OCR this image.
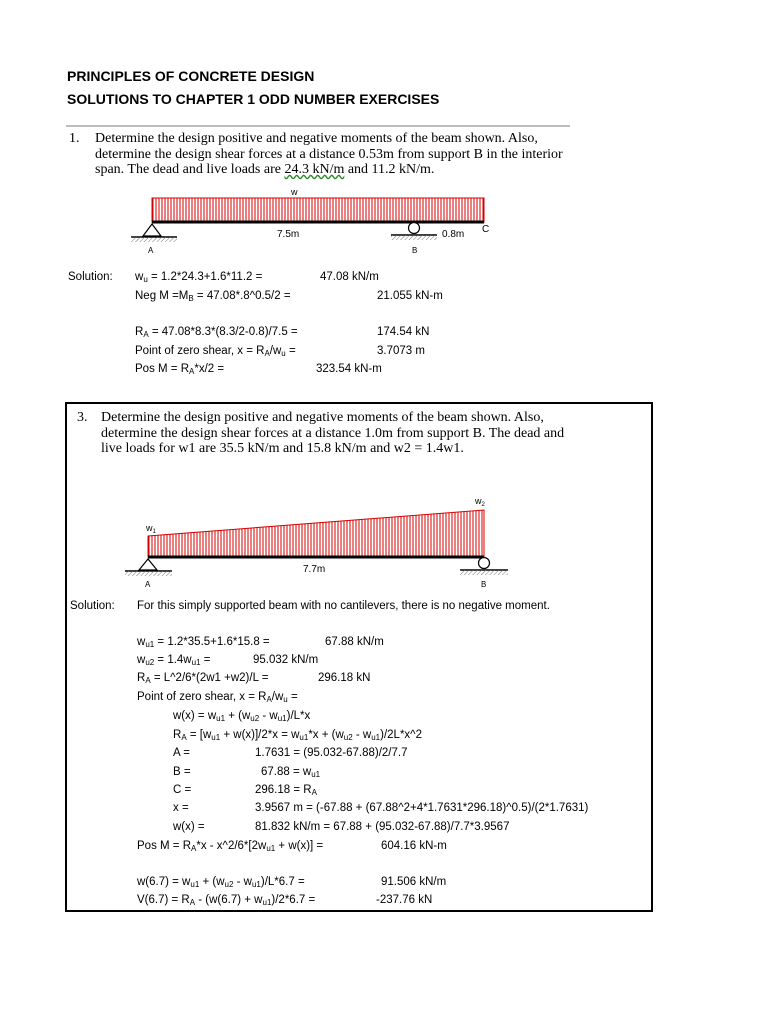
PRINCIPLES OF CONCRETE DESIGN
SOLUTIONS TO CHAPTER 1 ODD NUMBER EXERCISES
1. Determine the design positive and negative moments of the beam shown. Also,
determine the design shear forces at a distance 0.53m from support B in the interior
span. The dead and live loads are 24.3 kN/m and 11.2 kN/m.
w
A	B
7.5m	0.8m C
Solution: $w_u = 1.2*24.3+1.6*11.2$ =	47.08 kN/m
Neg $M =M_B$ = 47.08*.8^0.5/2 =	21.055 kN-m
$R_A = 47.08*8.3*(8.3/2-0.8)/7.5$ =	174.54 kN
Point of zero shear, $x = R_A/w_u$ =	3.7073 m
Pos $M = R_A*x/2$ =	323.54 kN-m
3. Determine the design positive and negative moments of the beam shown. Also,
determine the design shear forces at a distance 1.0m from support B. The dead and
live loads for w1 are 35.5 kN/m and 15.8 kN/m and w2 = 1.4w1.
$w_1$
$w_2$
A	B
7.7m
Solution: For this simply supported beam with no cantilevers, there is no negative moment.
$w_{u1} = 1.2*35.5+1.6*15.8$ =	67.88 kN/m
$w_{u2} = 1.4w_{u1}$ =	95.032 kN/m
$R_A$ = L^2/6*(2w1 +w2)/L =	296.18 kN
Point of zero shear, $x = R_A/w_u$ =
$w(x) = w_{u1} + (w_{u2} - w_{u1})/L*x$
$R_A = [w_{u1} + w(x)]/2*x = w_{u1}*x + (w_{u2}$ - $w_{u1})/2L*x\^{}2$
A =	1.7631 = (95.032-67.88)/2/7.7
B =	$67.88 = w_{u1}$
C =	$296.18 = R_A$
x =	3.9567 m = (-67.88 + (67.88^2+4*1.7631*296.18)^0.5)/(2*1.7631)
w(x) =	81.832 kN/m = 67.88 + (95.032-67.88)/7.7*3.9567
Pos $M = R_A*x$ - $x\^{}2/6*[2w_{u1} + w(x)]$ =	604.16 kN-m
$w(6.7) = w_{u1} + (w_{u2} - w_{u1})/L*6.7$ =	91.506 kN/m
$V(6.7) = R_A - (w(6.7) + w_{u1})/2*6.7$ =	-237.76 kN
